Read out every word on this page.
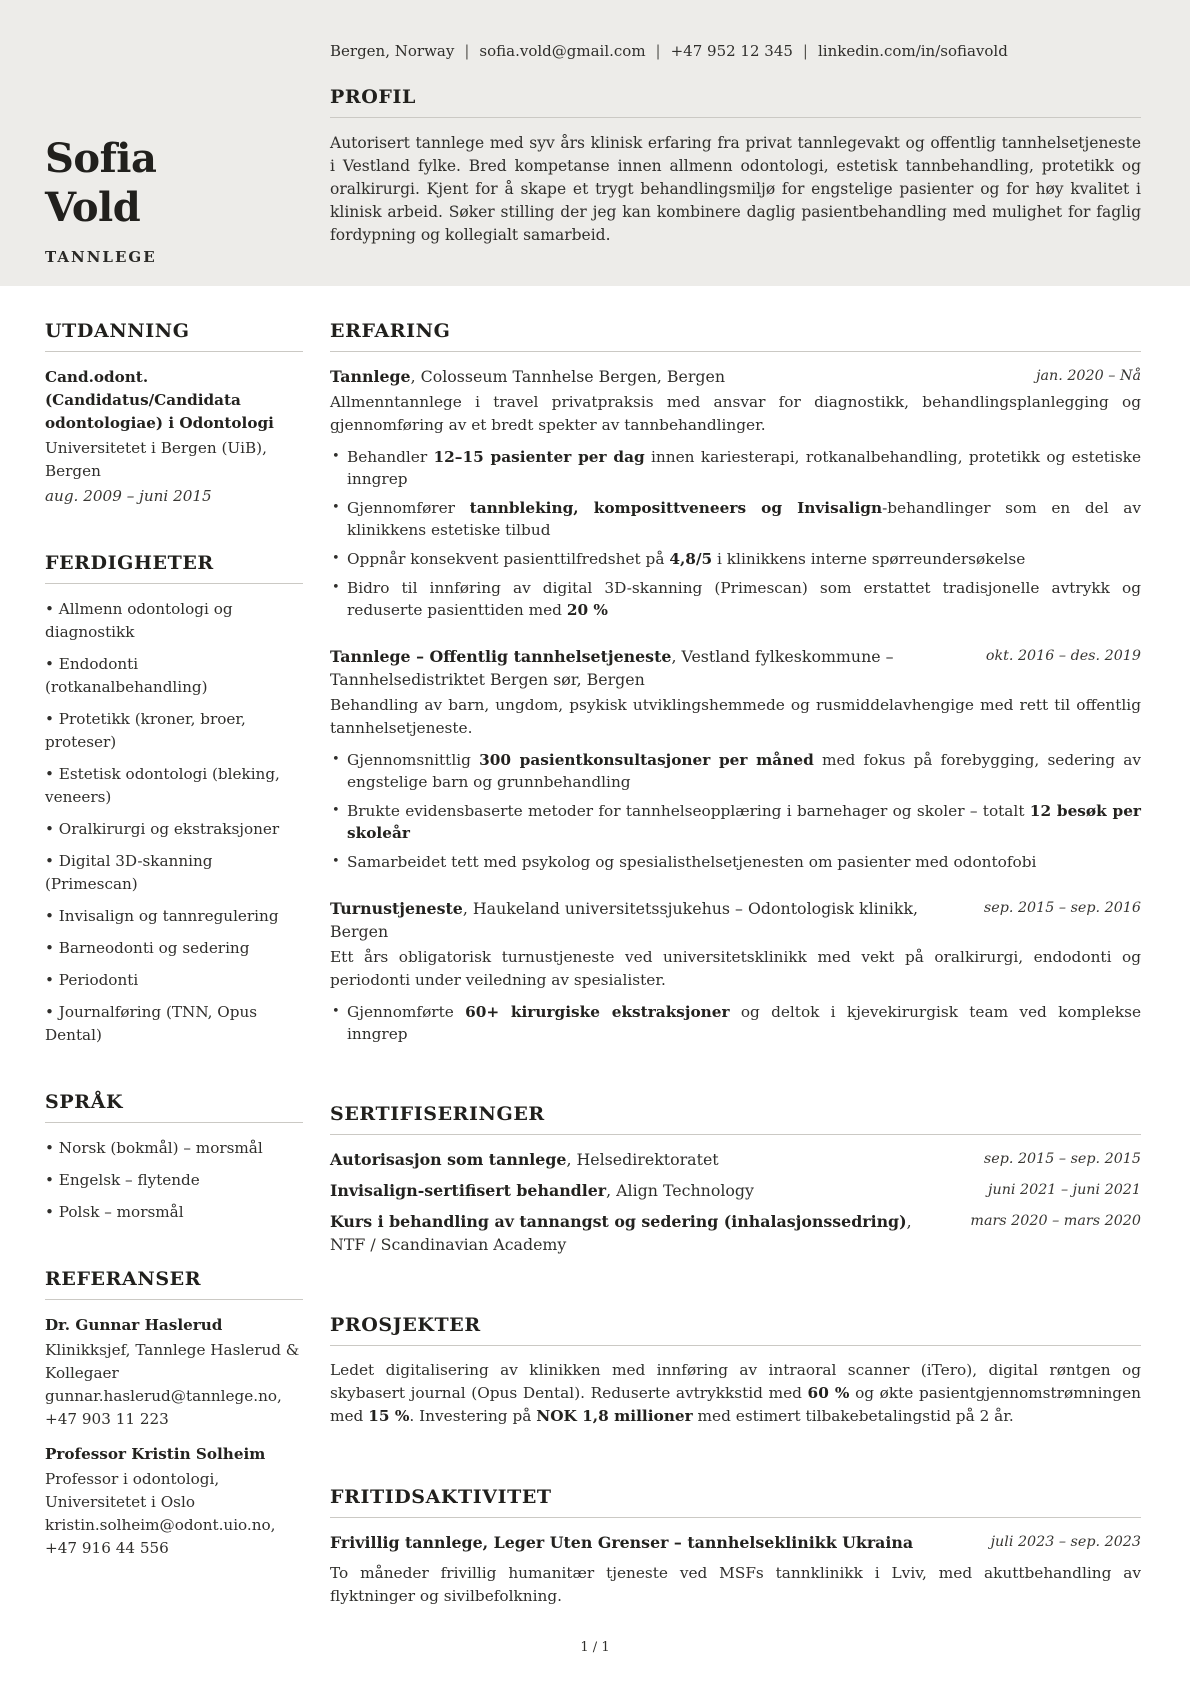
Sofia
Vold
TANNLEGE
Bergen, Norway | sofia.vold@gmail.com | +47 952 12 345 | linkedin.com/in/sofiavold
PROFIL

Autorisert tannlege med syv års klinisk erfaring fra privat tannlegevakt og offentlig tannhelsetjeneste i Vestland fylke. Bred kompetanse innen allmenn odontologi, estetisk tannbehandling, protetikk og oralkirurgi. Kjent for å skape et trygt behandlingsmiljø for engstelige pasienter og for høy kvalitet i klinisk arbeid. Søker stilling der jeg kan kombinere daglig pasientbehandling med mulighet for faglig fordypning og kollegialt samarbeid.

UTDANNING
Cand.odont. (Candidatus/Candidata odontologiae) i Odontologi
Universitetet i Bergen (UiB), Bergen
aug. 2009 – juni 2015
FERDIGHETER
• Allmenn odontologi og diagnostikk
• Endodonti (rotkanalbehandling)
• Protetikk (kroner, broer, proteser)
• Estetisk odontologi (bleking, veneers)
• Oralkirurgi og ekstraksjoner
• Digital 3D-skanning (Primescan)
• Invisalign og tannregulering
• Barneodonti og sedering
• Periodonti
• Journalføring (TNN, Opus Dental)
SPRÅK
• Norsk (bokmål) – morsmål
• Engelsk – flytende
• Polsk – morsmål
REFERANSER
Dr. Gunnar Haslerud
Klinikksjef, Tannlege Haslerud & Kollegaer
gunnar.haslerud@tannlege.no, +47 903 11 223
Professor Kristin Solheim
Professor i odontologi, Universitetet i Oslo
kristin.solheim@odont.uio.no, +47 916 44 556
ERFARING
Tannlege, Colosseum Tannhelse Bergen, Bergen	jan. 2020 – Nå

Allmenntannlege i travel privatpraksis med ansvar for diagnostikk, behandlingsplanlegging og gjennomføring av et bredt spekter av tannbehandlinger.

• Behandler 12–15 pasienter per dag innen kariesterapi, rotkanalbehandling, protetikk og estetiske inngrep
• Gjennomfører tannbleking, komposittveneers og Invisalign-behandlinger som en del av klinikkens estetiske tilbud
• Oppnår konsekvent pasienttilfredshet på 4,8/5 i klinikkens interne spørreundersøkelse
• Bidro til innføring av digital 3D-skanning (Primescan) som erstattet tradisjonelle avtrykk og reduserte pasienttiden med 20 %
Tannlege – Offentlig tannhelsetjeneste, Vestland fylkeskommune – Tannhelsedistriktet Bergen sør, Bergen
okt. 2016 – des. 2019

Behandling av barn, ungdom, psykisk utviklingshemmede og rusmiddelavhengige med rett til offentlig tannhelsetjeneste.

• Gjennomsnittlig 300 pasientkonsultasjoner per måned med fokus på forebygging, sedering av engstelige barn og grunnbehandling
• Brukte evidensbaserte metoder for tannhelseopplæring i barnehager og skoler – totalt 12 besøk per skoleår
• Samarbeidet tett med psykolog og spesialisthelsetjenesten om pasienter med odontofobi
Turnustjeneste, Haukeland universitetssjukehus – Odontologisk klinikk, Bergen
sep. 2015 – sep. 2016

Ett års obligatorisk turnustjeneste ved universitetsklinikk med vekt på oralkirurgi, endodonti og periodonti under veiledning av spesialister.

• Gjennomførte 60+ kirurgiske ekstraksjoner og deltok i kjevekirurgisk team ved komplekse inngrep
SERTIFISERINGER
Autorisasjon som tannlege, Helsedirektoratet	sep. 2015 – sep. 2015
Invisalign-sertifisert behandler, Align Technology	juni 2021 – juni 2021
Kurs i behandling av tannangst og sedering (inhalasjonssedring), NTF / Scandinavian Academy
mars 2020 – mars 2020
PROSJEKTER

Ledet digitalisering av klinikken med innføring av intraoral scanner (iTero), digital røntgen og skybasert journal (Opus Dental). Reduserte avtrykkstid med 60 % og økte pasientgjennomstrømningen med 15 %. Investering på NOK 1,8 millioner med estimert tilbakebetalingstid på 2 år.

FRITIDSAKTIVITET
Frivillig tannlege, Leger Uten Grenser – tannhelseklinikk Ukraina	juli 2023 – sep. 2023

To måneder frivillig humanitær tjeneste ved MSFs tannklinikk i Lviv, med akuttbehandling av flyktninger og sivilbefolkning.

1 / 1
